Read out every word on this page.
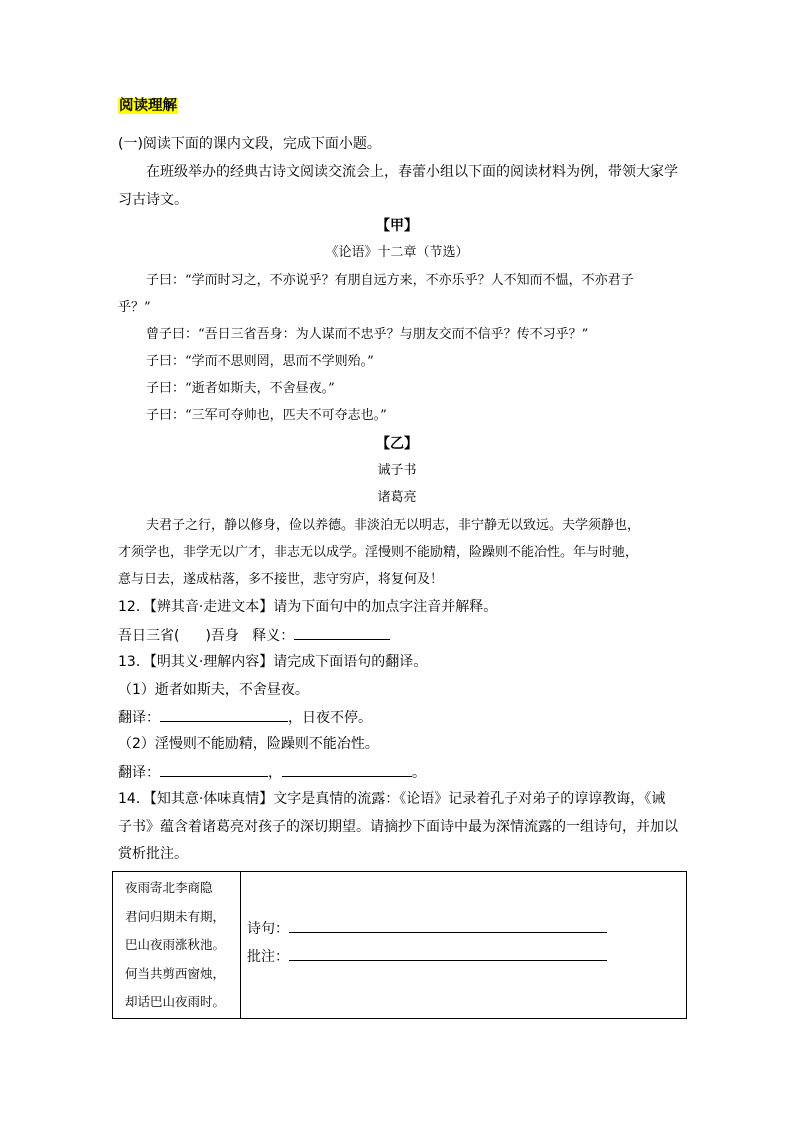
阅读理解
(一)阅读下面的课内文段，完成下面小题。
在班级举办的经典古诗文阅读交流会上，春蕾小组以下面的阅读材料为例，带领大家学
习古诗文。
【甲】
《论语》十二章（节选）
子曰：“学而时习之，不亦说乎？有朋自远方来，不亦乐乎？人不知而不愠，不亦君子
乎？”
曾子曰：“吾日三省吾身：为人谋而不忠乎？与朋友交而不信乎？传不习乎？”
子曰：“学而不思则罔，思而不学则殆。”
子曰：“逝者如斯夫，不舍昼夜。”
子曰：“三军可夺帅也，匹夫不可夺志也。”
【乙】
诫子书
诸葛亮
夫君子之行，静以修身，俭以养德。非淡泊无以明志，非宁静无以致远。夫学须静也，
才须学也，非学无以广才，非志无以成学。淫慢则不能励精，险躁则不能冶性。年与时驰，
意与日去，遂成枯落，多不接世，悲守穷庐，将复何及！
12．【辨其音·走进文本】请为下面句中的加点字注音并解释。
吾日三省( )吾身 释义：
13．【明其义·理解内容】请完成下面语句的翻译。
（1）逝者如斯夫，不舍昼夜。
翻译：	，日夜不停。
（2）淫慢则不能励精，险躁则不能冶性。
翻译：	，	。
14．【知其意·体味真情】文字是真情的流露：《论语》记录着孔子对弟子的谆谆教诲，《诫
子书》蕴含着诸葛亮对孩子的深切期望。请摘抄下面诗中最为深情流露的一组诗句，并加以
赏析批注。
夜雨寄北李商隐
君问归期未有期，
巴山夜雨涨秋池。
何当共剪西窗烛，
却话巴山夜雨时。

诗句：
批注：
